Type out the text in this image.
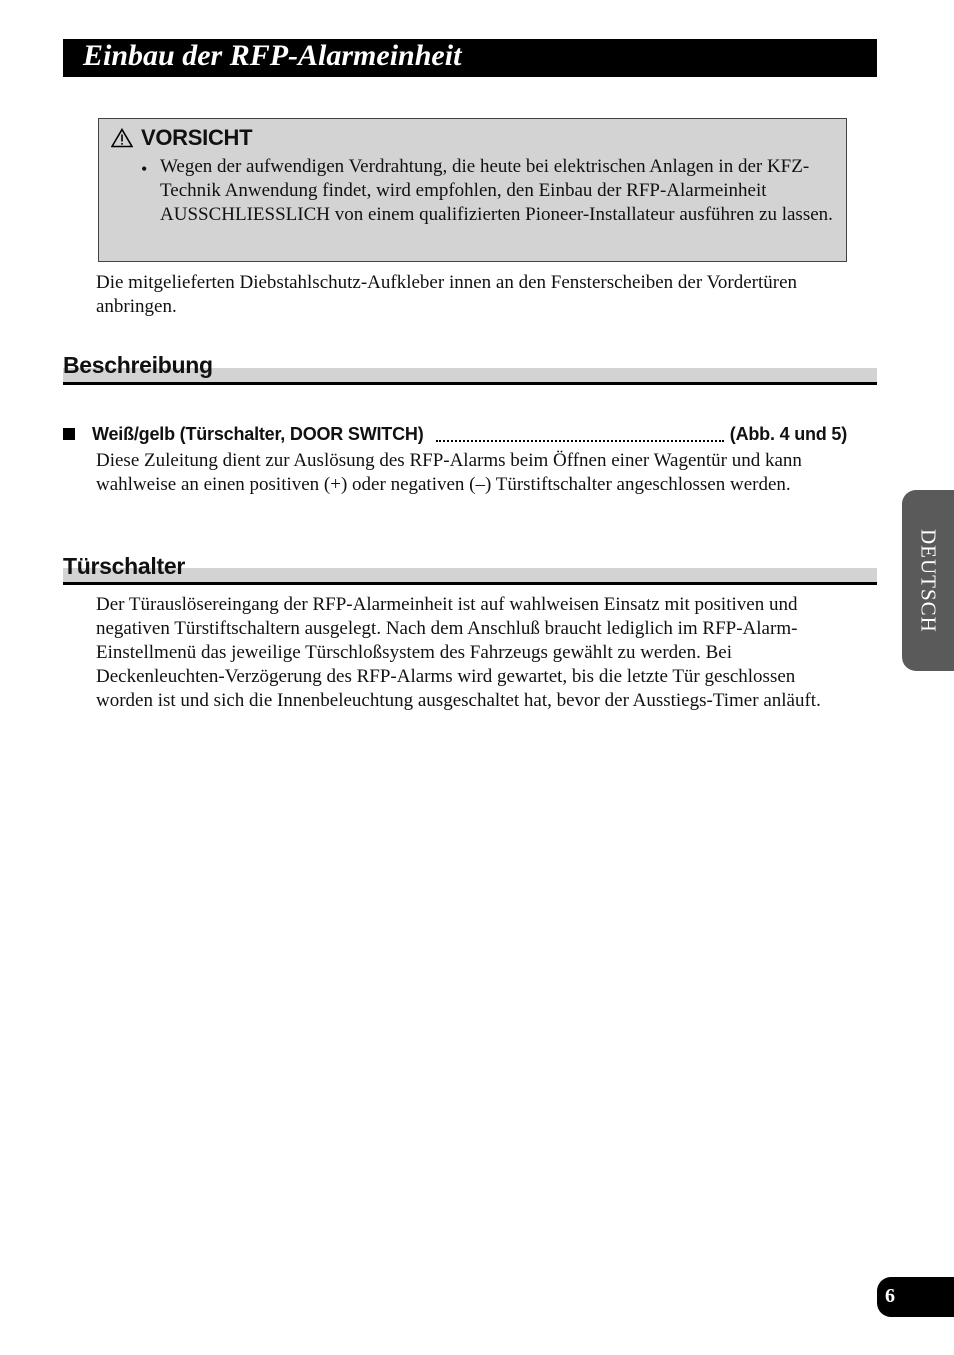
Einbau der RFP-Alarmeinheit
VORSICHT
• Wegen der aufwendigen Verdrahtung, die heute bei elektrischen Anlagen in der KFZ-Technik Anwendung findet, wird empfohlen, den Einbau der RFP-Alarmeinheit AUSSCHLIESSLICH von einem qualifizierten Pioneer-Installateur ausführen zu lassen.
Die mitgelieferten Diebstahlschutz-Aufkleber innen an den Fensterscheiben der Vordertüren anbringen.
Beschreibung
Weiß/gelb (Türschalter, DOOR SWITCH)	(Abb. 4 und 5)
Diese Zuleitung dient zur Auslösung des RFP-Alarms beim Öffnen einer Wagentür und kann wahlweise an einen positiven (+) oder negativen (–) Türstiftschalter angeschlossen werden.
Türschalter
Der Türauslösereingang der RFP-Alarmeinheit ist auf wahlweisen Einsatz mit positiven und negativen Türstiftschaltern ausgelegt. Nach dem Anschluß braucht lediglich im RFP-Alarm-Einstellmenü das jeweilige Türschloßsystem des Fahrzeugs gewählt zu werden. Bei Deckenleuchten-Verzögerung des RFP-Alarms wird gewartet, bis die letzte Tür geschlossen worden ist und sich die Innenbeleuchtung ausgeschaltet hat, bevor der Ausstiegs-Timer anläuft.
DEUTSCH
6
